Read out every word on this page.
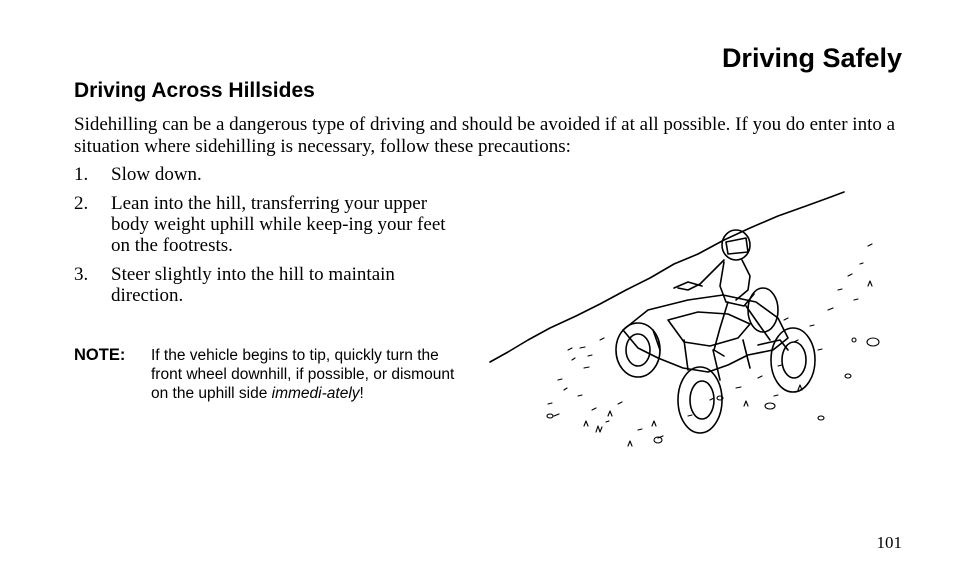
Driving Safely
Driving Across Hillsides
Sidehilling can be a dangerous type of driving and should be avoided if at all possible. If you do enter into a situation where sidehilling is necessary, follow these precautions:
1. Slow down.
2. Lean into the hill, transferring your upper body weight uphill while keep-ing your feet on the footrests.
3. Steer slightly into the hill to maintain direction.
NOTE: If the vehicle begins to tip, quickly turn the front wheel downhill, if possible, or dismount on the uphill side immedi-ately!
101
